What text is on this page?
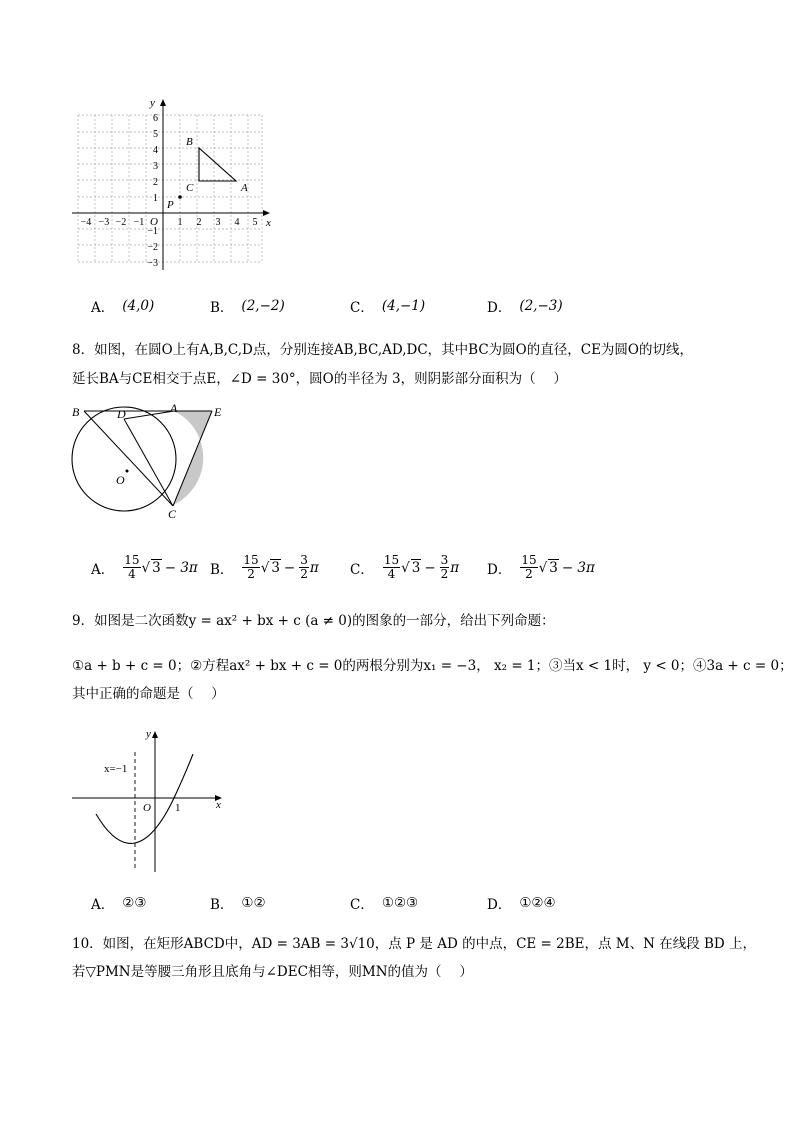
y
x
O
−4 −3 −2 −1	1 2 3 4 5
6
5
4
3
2
1
−1
−2
−3
B
C	A
P
A． (4,0)	B． (2,−2)	C． (4,−1)	D． (2,−3)
8．如图，在圆O上有A,B,C,D点，分别连接AB,BC,AD,DC，其中BC为圆O的直径，CE为圆O的切线，
延长BA与CE相交于点E，∠D = 30°，圆O的半径为 3，则阴影部分面积为（　 ）
B	D	A	E
O
C
A． $\frac{15}{4}$ √ 3 − 3π B． $\frac{15}{2}$ √ $3 - \frac{3}{2}$ π C． $\frac{15}{4}$ √ $3 - \frac{3}{2}$ π D． $\frac{15}{2}$ √ 3 − 3π
9．如图是二次函数y = ax² + bx + c (a ≠ 0)的图象的一部分，给出下列命题：
①a + b + c = 0；②方程ax² + bx + c = 0的两根分别为x₁ = −3， x₂ = 1；③当x < 1时， y < 0；④3a + c = 0；
其中正确的命题是（　 ）
y
x
O 1
x=−1
A． ②③	B． ①②	C． ①②③	D． ①②④
10．如图，在矩形ABCD中，AD = 3AB = 3√10，点 P 是 AD 的中点，CE = 2BE，点 M、N 在线段 BD 上，
若▽PMN是等腰三角形且底角与∠DEC相等，则MN的值为（　 ）
